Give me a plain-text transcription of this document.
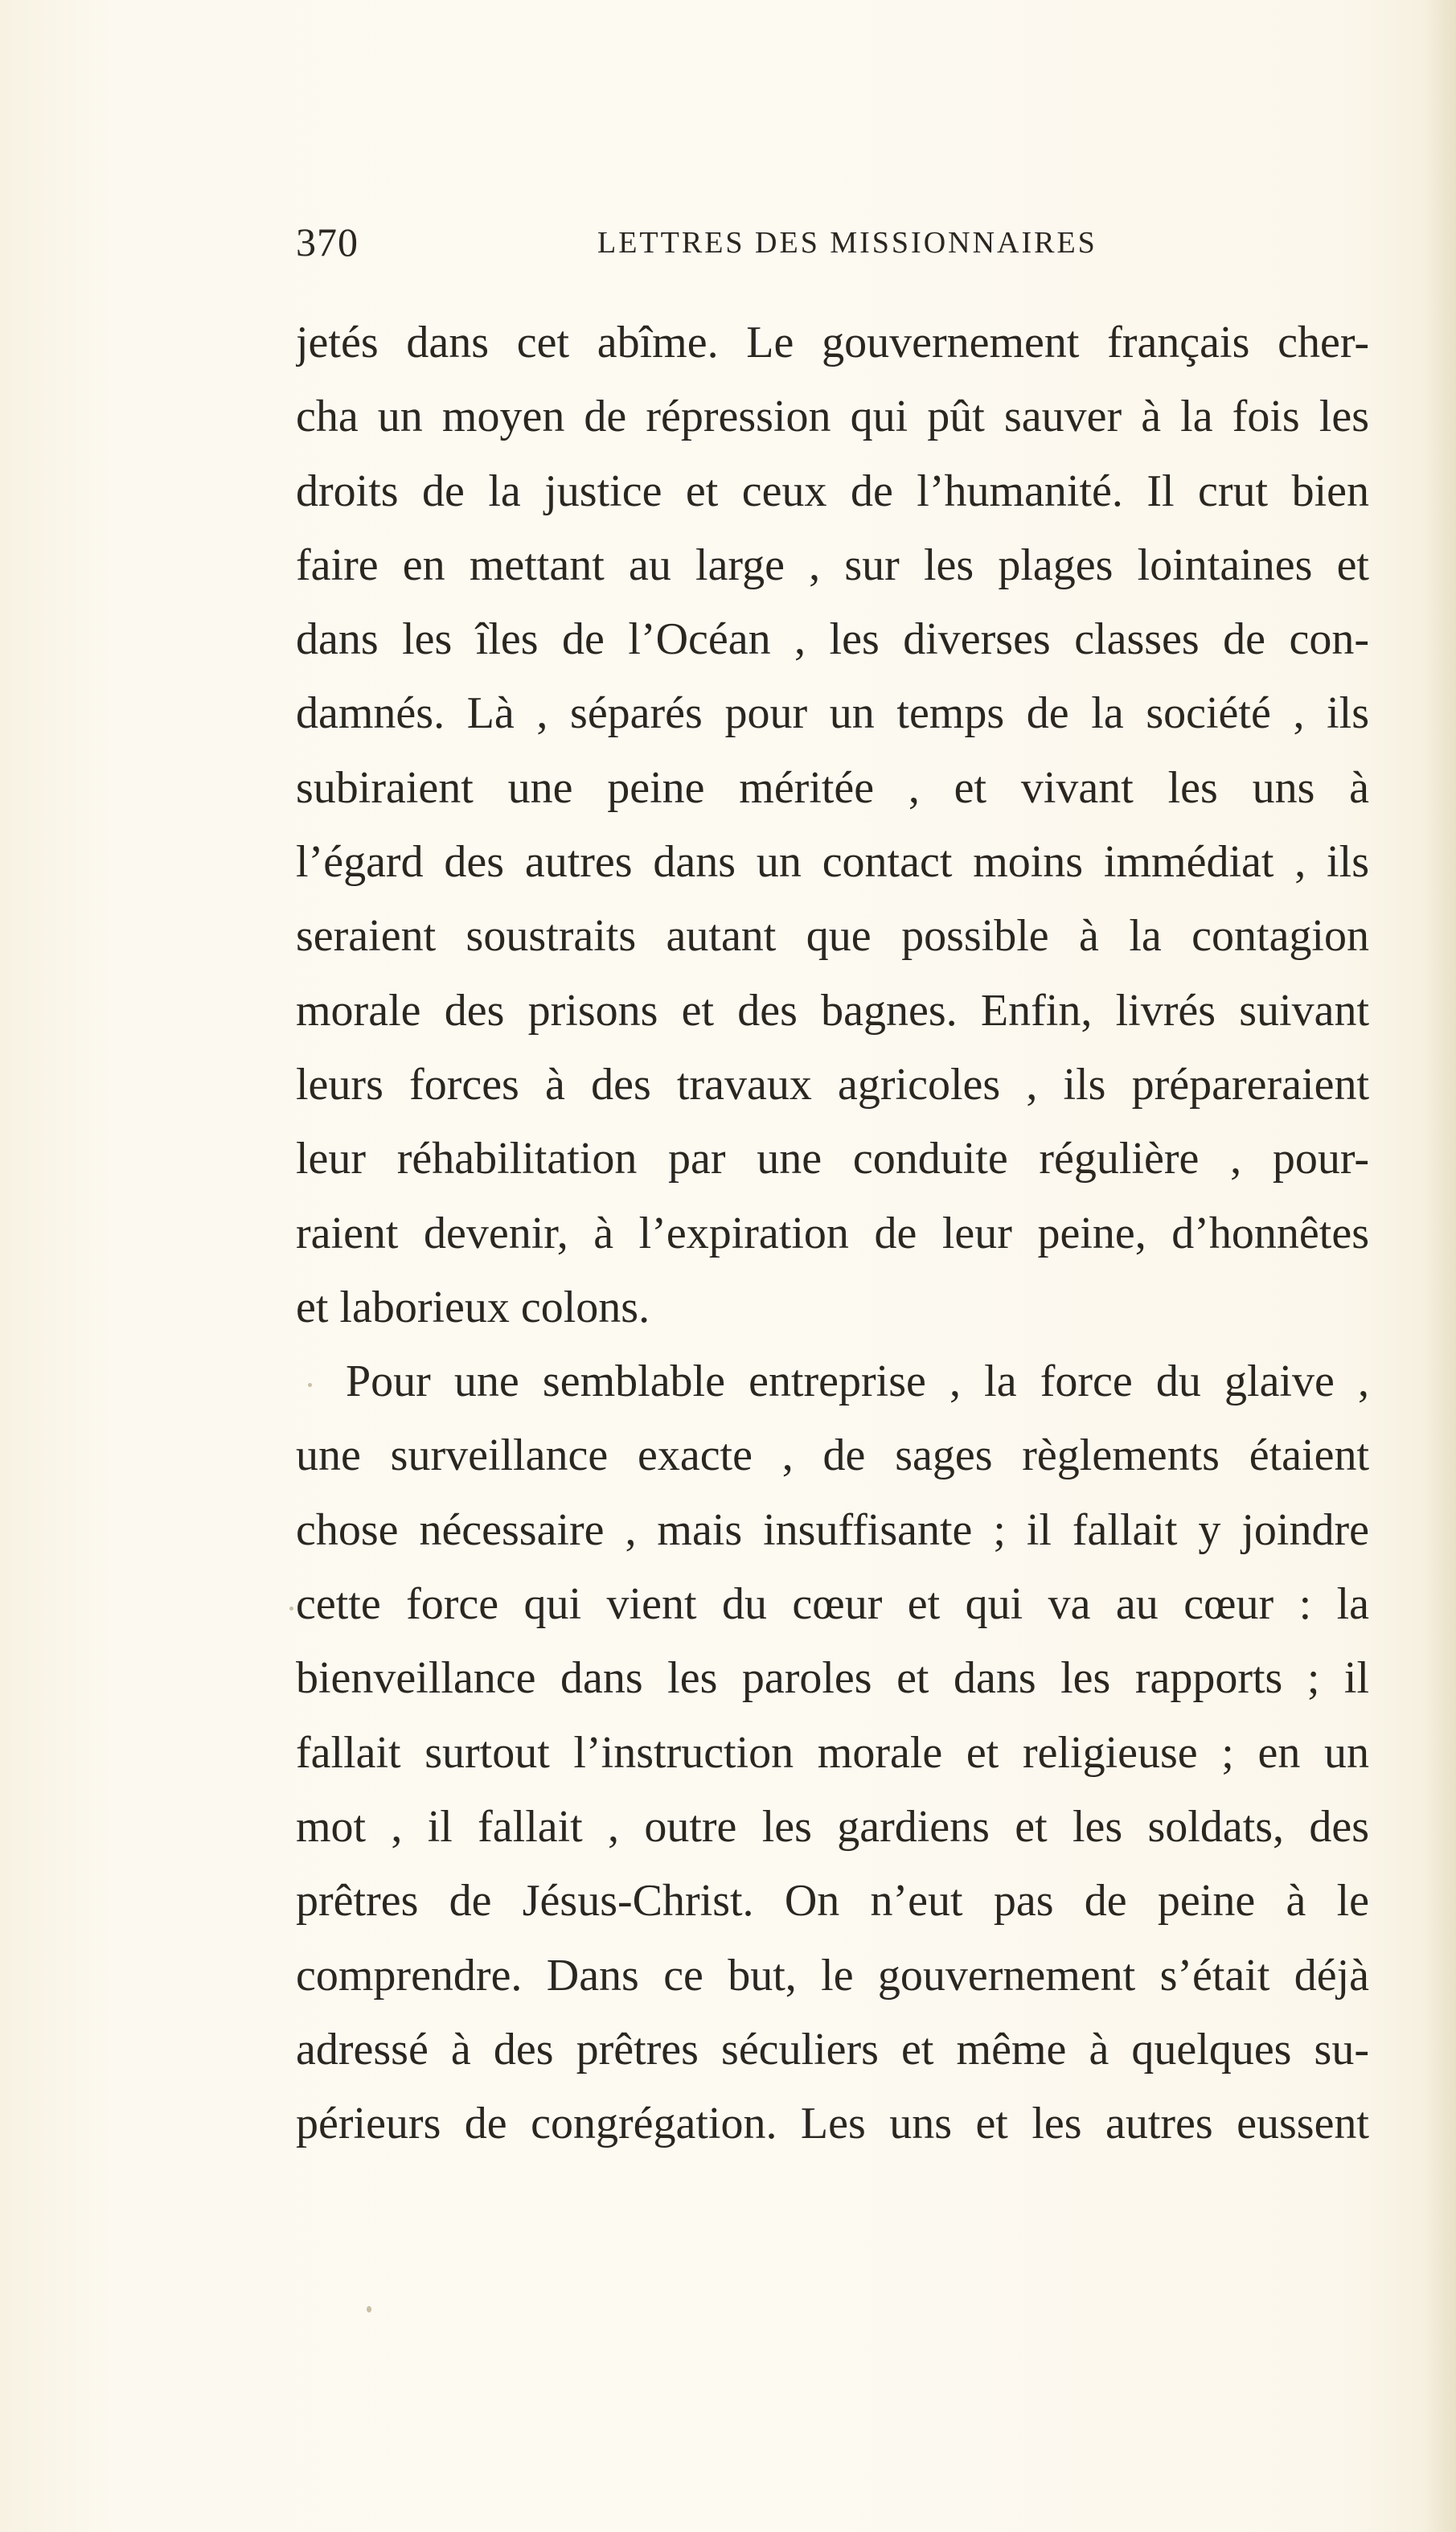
370	LETTRES DES MISSIONNAIRES
jetés dans cet abîme. Le gouvernement français cher-
cha un moyen de répression qui pût sauver à la fois les
droits de la justice et ceux de l’humanité. Il crut bien
faire en mettant au large , sur les plages lointaines et
dans les îles de l’Océan , les diverses classes de con-
damnés. Là , séparés pour un temps de la société , ils
subiraient une peine méritée , et vivant les uns à
l’égard des autres dans un contact moins immédiat , ils
seraient soustraits autant que possible à la contagion
morale des prisons et des bagnes. Enfin, livrés suivant
leurs forces à des travaux agricoles , ils prépareraient
leur réhabilitation par une conduite régulière , pour-
raient devenir, à l’expiration de leur peine, d’honnêtes
et laborieux colons.
Pour une semblable entreprise , la force du glaive ,
une surveillance exacte , de sages règlements étaient
chose nécessaire , mais insuffisante ; il fallait y joindre
cette force qui vient du cœur et qui va au cœur : la
bienveillance dans les paroles et dans les rapports ; il
fallait surtout l’instruction morale et religieuse ; en un
mot , il fallait , outre les gardiens et les soldats, des
prêtres de Jésus-Christ. On n’eut pas de peine à le
comprendre. Dans ce but, le gouvernement s’était déjà
adressé à des prêtres séculiers et même à quelques su-
périeurs de congrégation. Les uns et les autres eussent
